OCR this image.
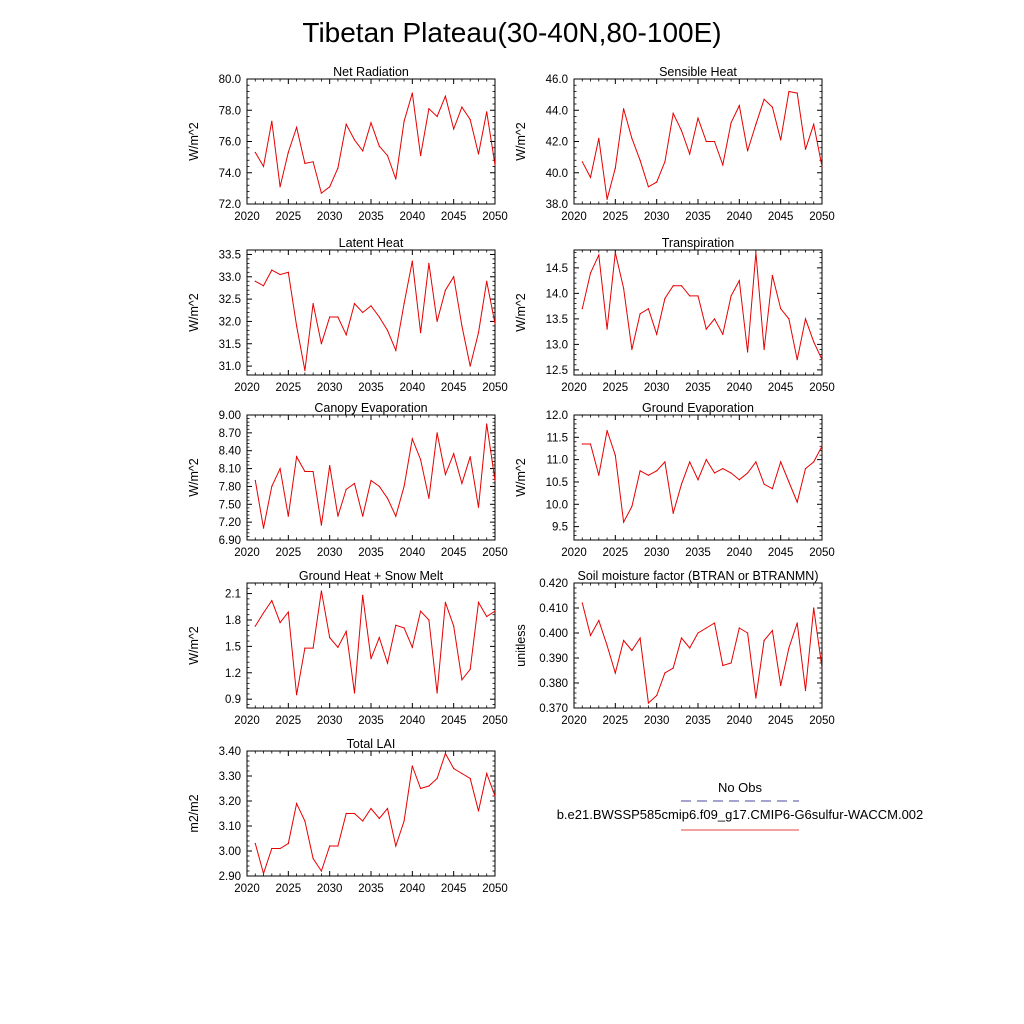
Tibetan Plateau(30-40N,80-100E)
2020 2025 2030 2035 2040 2045 2050
72.0
74.0
76.0
78.0
80.0
Net Radiation
W/m^2
2020 2025 2030 2035 2040 2045 2050
38.0
40.0
42.0
44.0
46.0
Sensible Heat
W/m^2
2020 2025 2030 2035 2040 2045 2050
31.0
31.5
32.0
32.5
33.0
33.5
Latent Heat
W/m^2
2020 2025 2030 2035 2040 2045 2050
12.5
13.0
13.5
14.0
14.5
Transpiration
W/m^2
2020 2025 2030 2035 2040 2045 2050
6.90
7.20
7.50
7.80
8.10
8.40
8.70
9.00
Canopy Evaporation
W/m^2
2020 2025 2030 2035 2040 2045 2050
9.5
10.0
10.5
11.0
11.5
12.0
Ground Evaporation
W/m^2
2020 2025 2030 2035 2040 2045 2050
0.9
1.2
1.5
1.8
2.1
Ground Heat + Snow Melt
W/m^2
2020 2025 2030 2035 2040 2045 2050
0.370
0.380
0.390
0.400
0.410
0.420
Soil moisture factor (BTRAN or BTRANMN)
unitless
2020 2025 2030 2035 2040 2045 2050
2.90
3.00
3.10
3.20
3.30
3.40
Total LAI
m2/m2
No Obs
b.e21.BWSSP585cmip6.f09_g17.CMIP6-G6sulfur-WACCM.002
